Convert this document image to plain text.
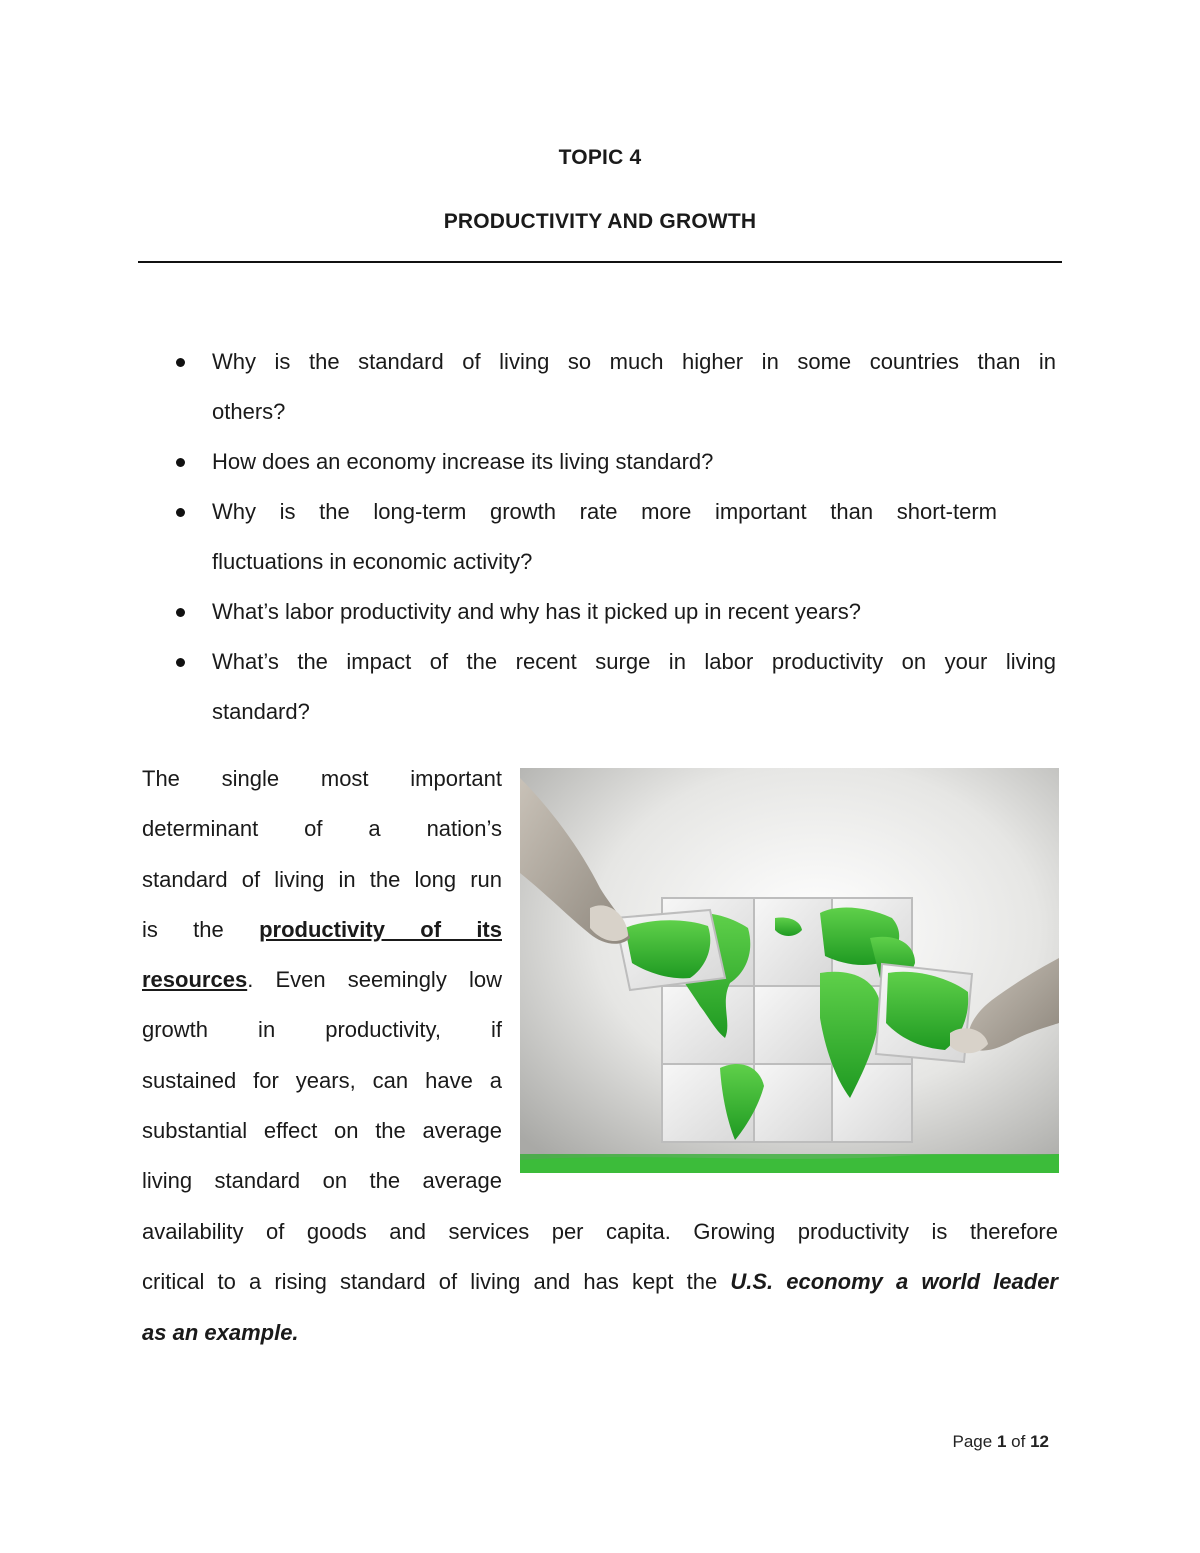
TOPIC 4
PRODUCTIVITY AND GROWTH
Why is the standard of living so much higher in some countries than in
others?
How does an economy increase its living standard?
Why is the long-term growth rate more important than short-term
fluctuations in economic activity?
What’s labor productivity and why has it picked up in recent years?
What’s the impact of the recent surge in labor productivity on your living
standard?
The single most important
determinant of a nation’s
standard of living in the long run
is the productivity of its
resources. Even seemingly low
growth in productivity, if
sustained for years, can have a
substantial effect on the average
living standard on the average
availability of goods and services per capita. Growing productivity is therefore
critical to a rising standard of living and has kept the U.S. economy a world leader
as an example.
Page 1 of 12
